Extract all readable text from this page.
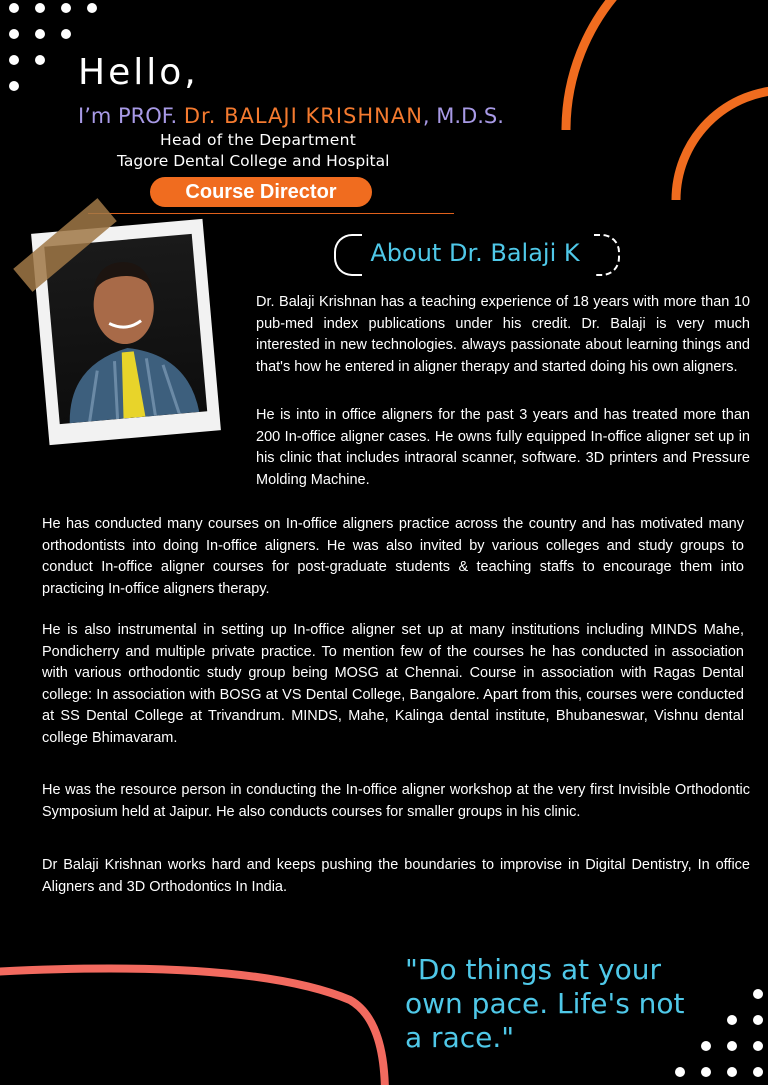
Hello,
I’m PROF. Dr. BALAJI KRISHNAN, M.D.S.
Head of the Department
Tagore Dental College and Hospital
Course Director
About Dr. Balaji K
Dr. Balaji Krishnan has a teaching experience of 18 years with more than 10 pub-med index publications under his credit. Dr. Balaji is very much interested in new technologies. always passionate about learning things and that's how he entered in aligner therapy and started doing his own aligners.
He is into in office aligners for the past 3 years and has treated more than 200 In-office aligner cases. He owns fully equipped In-office aligner set up in his clinic that includes intraoral scanner, software. 3D printers and Pressure Molding Machine.
He has conducted many courses on In-office aligners practice across the country and has motivated many orthodontists into doing In-office aligners. He was also invited by various colleges and study groups to conduct In-office aligner courses for post-graduate students & teaching staffs to encourage them into practicing In-office aligners therapy.
He is also instrumental in setting up In-office aligner set up at many institutions including MINDS Mahe, Pondicherry and multiple private practice. To mention few of the courses he has conducted in association with various orthodontic study group being MOSG at Chennai. Course in association with Ragas Dental college: In association with BOSG at VS Dental College, Bangalore. Apart from this, courses were conducted at SS Dental College at Trivandrum. MINDS, Mahe, Kalinga dental institute, Bhubaneswar, Vishnu dental college Bhimavaram.
He was the resource person in conducting the In-office aligner workshop at the very first Invisible Orthodontic Symposium held at Jaipur. He also conducts courses for smaller groups in his clinic.
Dr Balaji Krishnan works hard and keeps pushing the boundaries to improvise in Digital Dentistry, In office Aligners and 3D Orthodontics In India.
"Do things at your own pace. Life's not a race."
